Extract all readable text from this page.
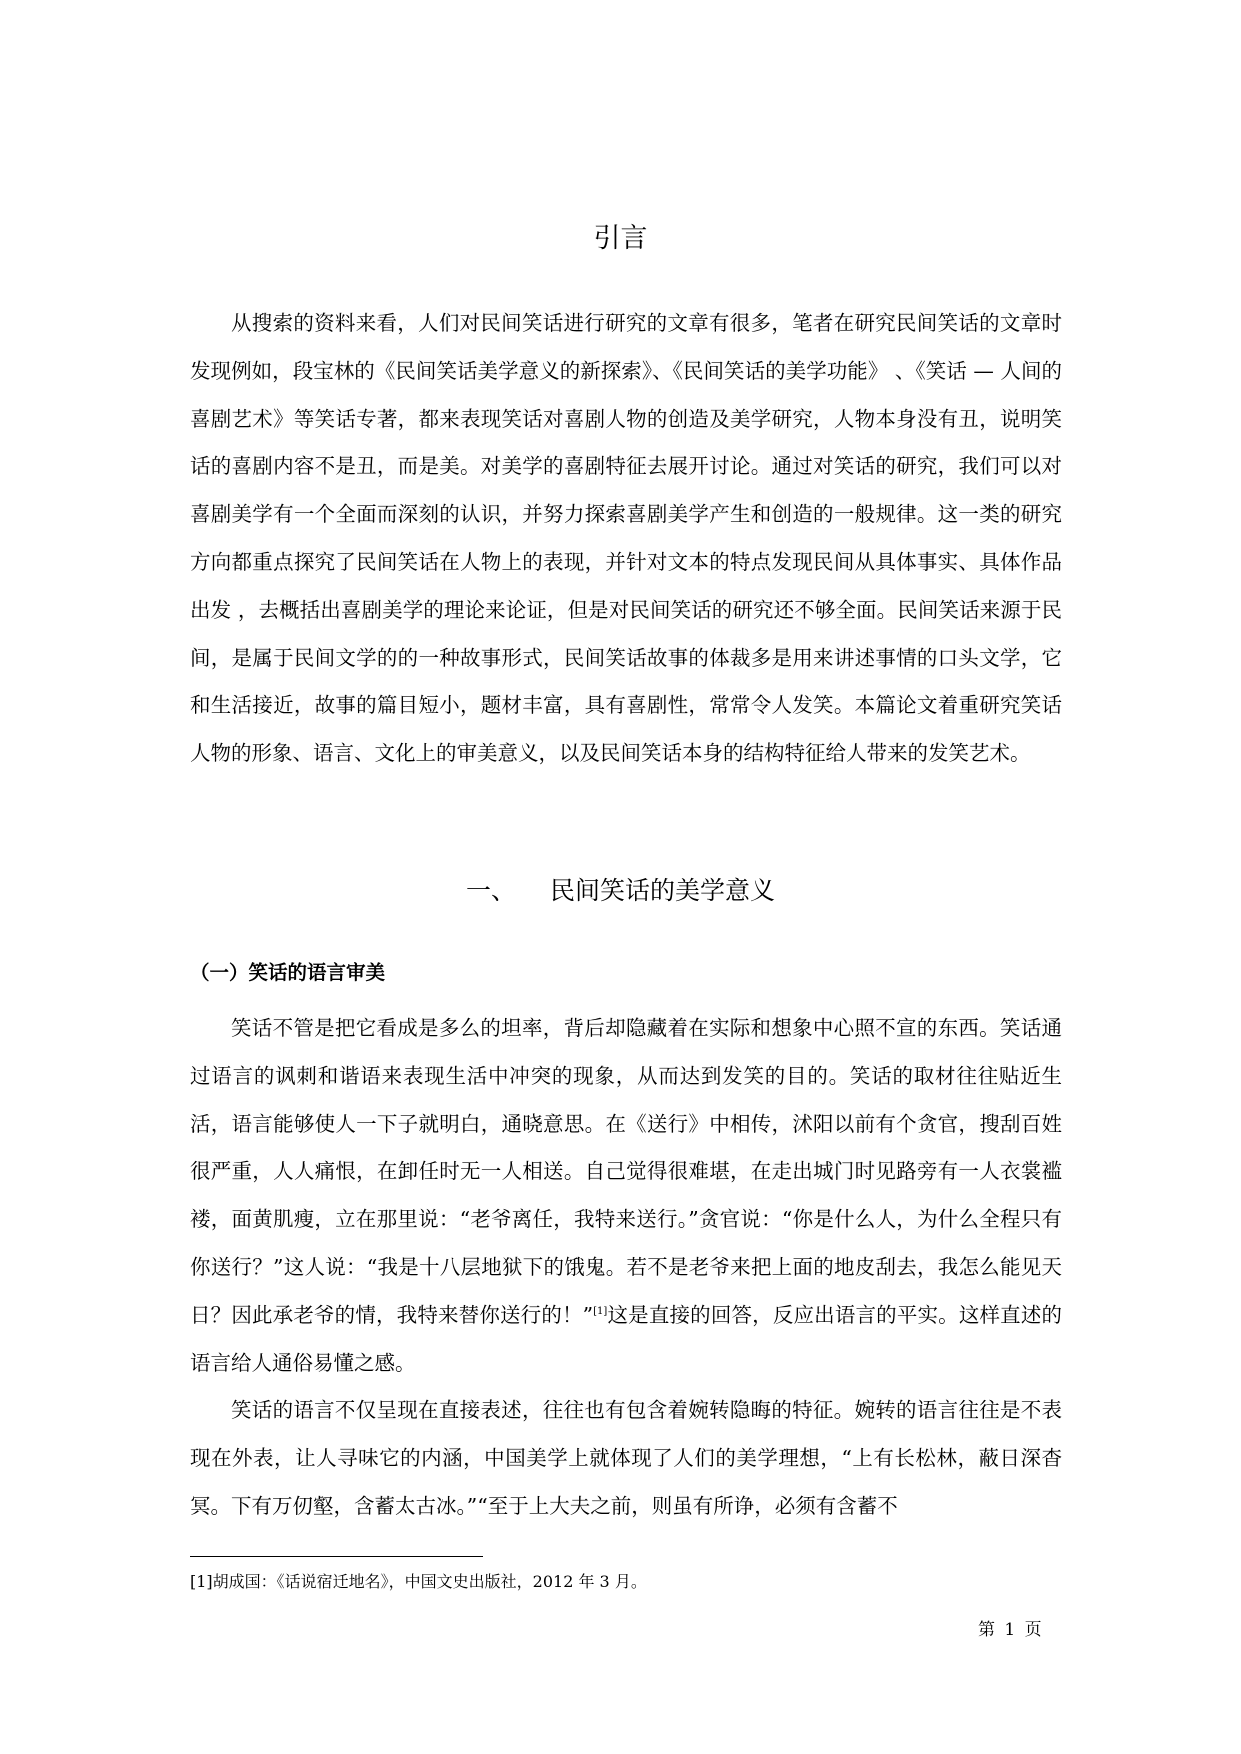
引言

从搜索的资料来看，人们对民间笑话进行研究的文章有很多，笔者在研究民间笑话的文章时发现例如，段宝林的《民间笑话美学意义的新探索》、《民间笑话的美学功能》 、《笑话 — 人间的喜剧艺术》等笑话专著，都来表现笑话对喜剧人物的创造及美学研究，人物本身没有丑，说明笑话的喜剧内容不是丑，而是美。对美学的喜剧特征去展开讨论。通过对笑话的研究，我们可以对喜剧美学有一个全面而深刻的认识，并努力探索喜剧美学产生和创造的一般规律。这一类的研究方向都重点探究了民间笑话在人物上的表现，并针对文本的特点发现民间从具体事实、具体作品出发 ，去概括出喜剧美学的理论来论证，但是对民间笑话的研究还不够全面。民间笑话来源于民间，是属于民间文学的的一种故事形式，民间笑话故事的体裁多是用来讲述事情的口头文学，它和生活接近，故事的篇目短小，题材丰富，具有喜剧性，常常令人发笑。本篇论文着重研究笑话人物的形象、语言、文化上的审美意义，以及民间笑话本身的结构特征给人带来的发笑艺术。

一、 民间笑话的美学意义
（一）笑话的语言审美

笑话不管是把它看成是多么的坦率，背后却隐藏着在实际和想象中心照不宣的东西。笑话通过语言的讽刺和谐语来表现生活中冲突的现象，从而达到发笑的目的。笑话的取材往往贴近生活，语言能够使人一下子就明白，通晓意思。在《送行》中相传，沭阳以前有个贪官，搜刮百姓很严重，人人痛恨，在卸任时无一人相送。自己觉得很难堪，在走出城门时见路旁有一人衣裳褴褛，面黄肌瘦，立在那里说：“老爷离任，我特来送行。”贪官说：“你是什么人，为什么全程只有你送行？”这人说：“我是十八层地狱下的饿鬼。若不是老爷来把上面的地皮刮去，我怎么能见天日？因此承老爷的情，我特来替你送行的！”[1]这是直接的回答，反应出语言的平实。这样直述的语言给人通俗易懂之感。

笑话的语言不仅呈现在直接表述，往往也有包含着婉转隐晦的特征。婉转的语言往往是不表现在外表，让人寻味它的内涵，中国美学上就体现了人们的美学理想，“上有长松林，蔽日深杳冥。下有万仞壑，含蓄太古冰。”“至于上大夫之前，则虽有所诤，必须有含蓄不

[1]胡成国：《话说宿迁地名》，中国文史出版社，2012 年 3 月。
第 1 页
